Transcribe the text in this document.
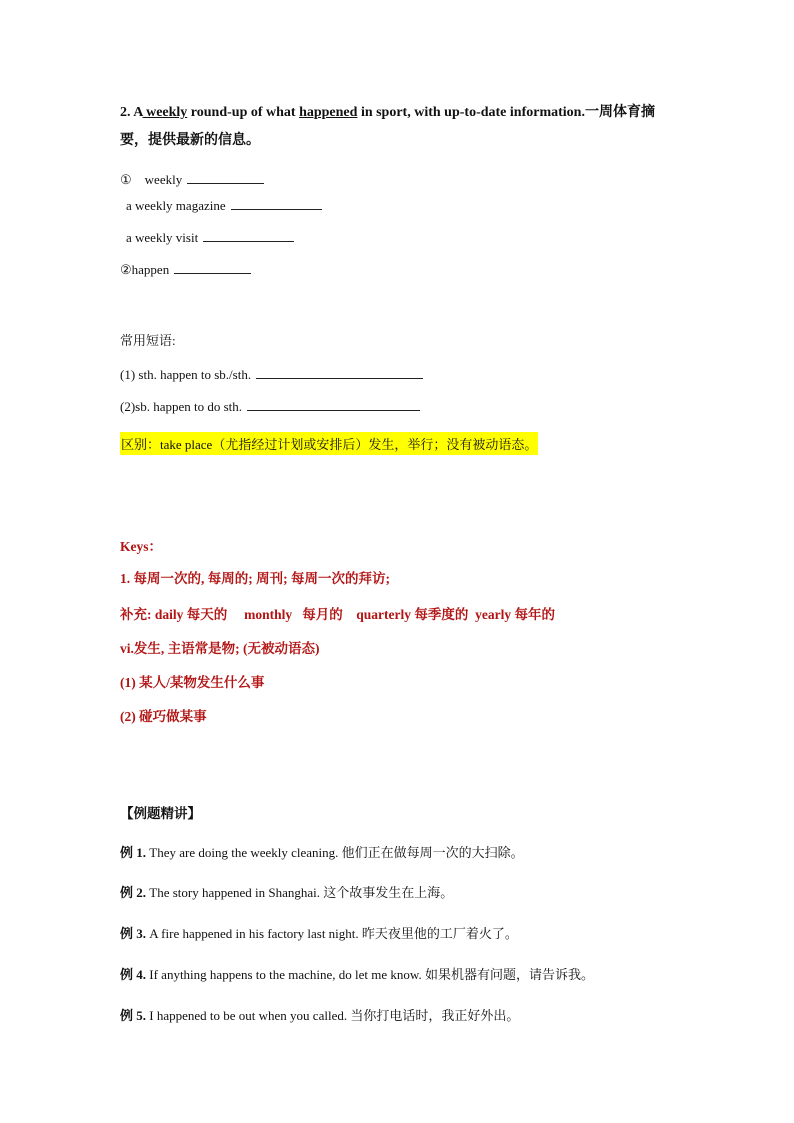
2. A weekly round-up of what happened in sport, with up-to-date information.一周体育摘
要，提供最新的信息。
① weekly
a weekly magazine
a weekly visit
②happen
常用短语:
(1) sth. happen to sb./sth.
(2)sb. happen to do sth.
区别：take place（尤指经过计划或安排后）发生，举行；没有被动语态。
Keys：
1. 每周一次的, 每周的; 周刊; 每周一次的拜访;
补充: daily 每天的 monthly 每月的 quarterly 每季度的 yearly 每年的
vi.发生, 主语常是物; (无被动语态)
(1) 某人/某物发生什么事
(2) 碰巧做某事
【例题精讲】
例 1. They are doing the weekly cleaning. 他们正在做每周一次的大扫除。
例 2. The story happened in Shanghai. 这个故事发生在上海。
例 3. A fire happened in his factory last night. 昨天夜里他的工厂着火了。
例 4. If anything happens to the machine, do let me know. 如果机器有问题，请告诉我。
例 5. I happened to be out when you called. 当你打电话时，我正好外出。
